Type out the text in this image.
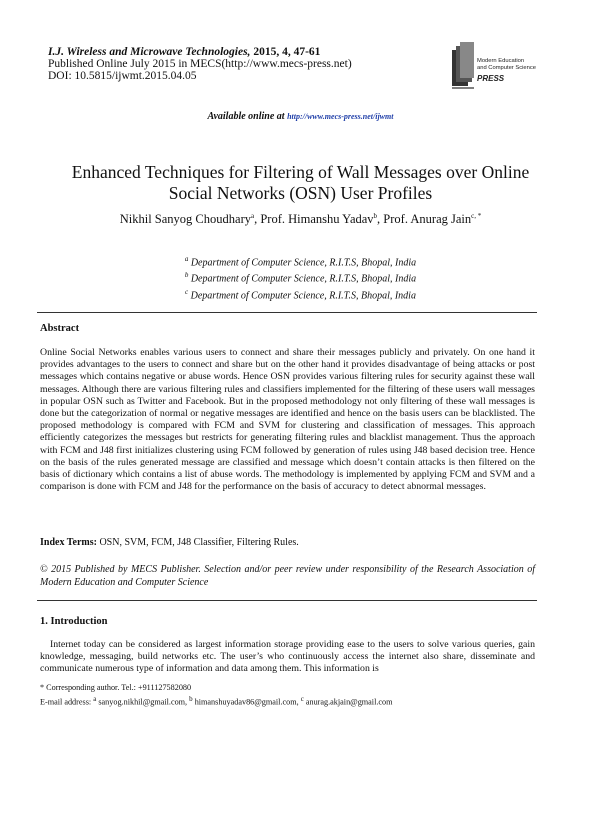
I.J. Wireless and Microwave Technologies, 2015, 4, 47-61
Published Online July 2015 in MECS(http://www.mecs-press.net)
DOI: 10.5815/ijwmt.2015.04.05
Modern Education
and Computer Science
PRESS
Available online at http://www.mecs-press.net/ijwmt
Enhanced Techniques for Filtering of Wall Messages over Online
Social Networks (OSN) User Profiles
Nikhil Sanyog Choudhary$^a$, Prof. Himanshu Yadav$^b$, Prof. Anurag Jain$^{c, *}$
$^a$ Department of Computer Science, R.I.T.S, Bhopal, India
$^b$ Department of Computer Science, R.I.T.S, Bhopal, India
$^c$ Department of Computer Science, R.I.T.S, Bhopal, India
Abstract
Online Social Networks enables various users to connect and share their messages publicly and privately. On one hand it provides advantages to the users to connect and share but on the other hand it provides disadvantage of being attacks or post messages which contains negative or abuse words. Hence OSN provides various filtering rules for security against these wall messages. Although there are various filtering rules and classifiers implemented for the filtering of these users wall messages in popular OSN such as Twitter and Facebook. But in the proposed methodology not only filtering of these wall messages is done but the categorization of normal or negative messages are identified and hence on the basis users can be blacklisted. The proposed methodology is compared with FCM and SVM for clustering and classification of messages. This approach efficiently categorizes the messages but restricts for generating filtering rules and blacklist management. Thus the approach with FCM and J48 first initializes clustering using FCM followed by generation of rules using J48 based decision tree. Hence on the basis of the rules generated message are classified and message which doesn’t contain attacks is then filtered on the basis of dictionary which contains a list of abuse words. The methodology is implemented by applying FCM and SVM and a comparison is done with FCM and J48 for the performance on the basis of accuracy to detect abnormal messages.
Index Terms: OSN, SVM, FCM, J48 Classifier, Filtering Rules.
© 2015 Published by MECS Publisher. Selection and/or peer review under responsibility of the Research Association of Modern Education and Computer Science
1. Introduction
Internet today can be considered as largest information storage providing ease to the users to solve various queries, gain knowledge, messaging, build networks etc. The user’s who continuously access the internet also share, disseminate and communicate numerous type of information and data among them. This information is
* Corresponding author. Tel.: +911127582080
E-mail address: $^a$ sanyog.nikhil@gmail.com, $^b$ himanshuyadav86@gmail.com, $^c$ anurag.akjain@gmail.com
